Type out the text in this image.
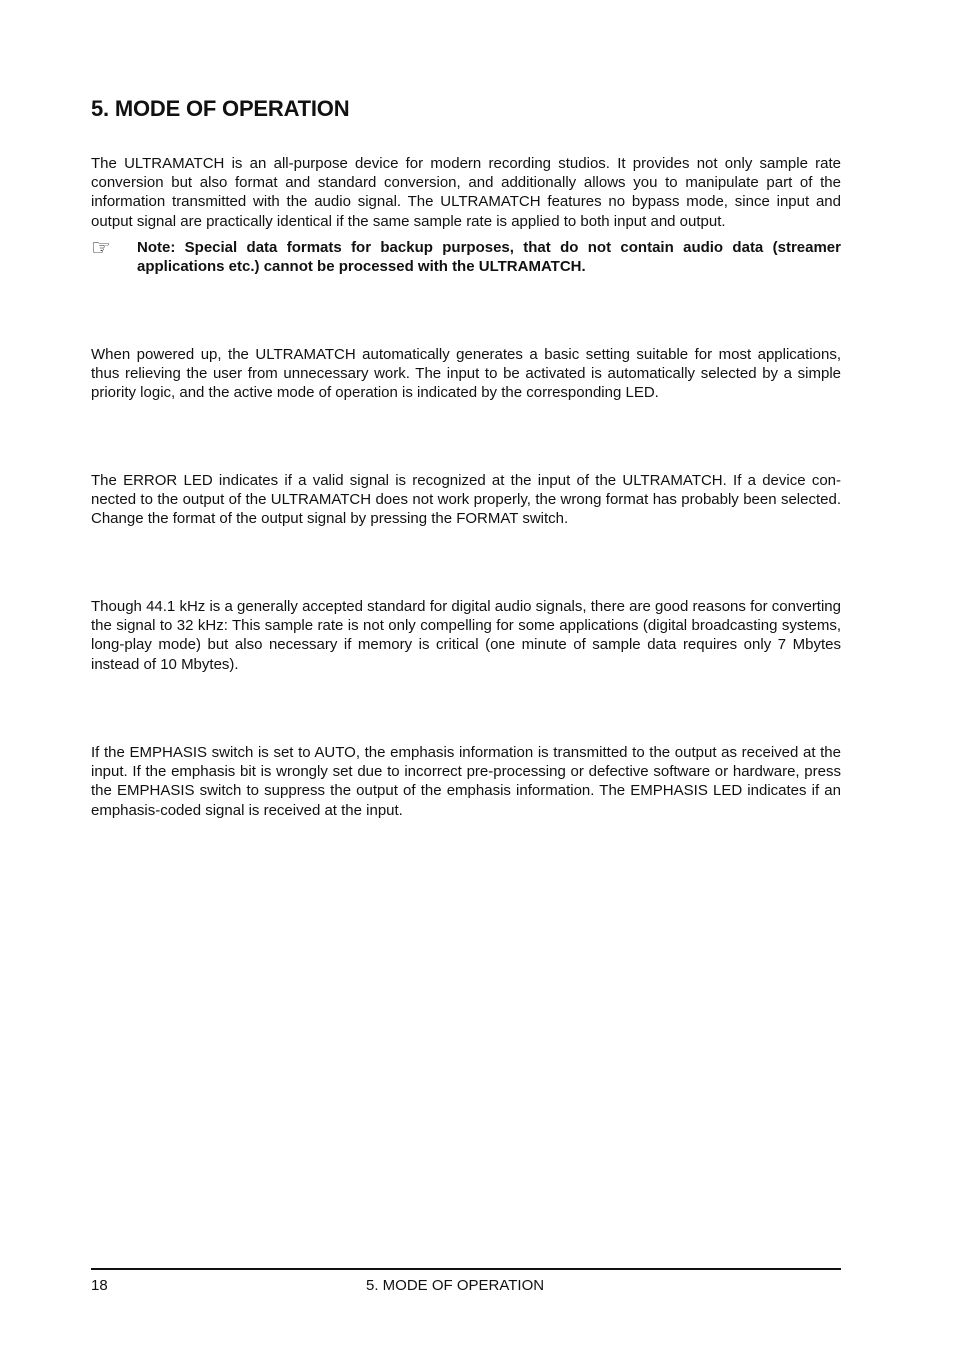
5. MODE OF OPERATION

The ULTRAMATCH is an all-purpose device for modern recording studios. It provides not only sample rate conversion but also format and standard conversion, and additionally allows you to manipulate part of the information transmitted with the audio signal. The ULTRAMATCH features no bypass mode, since input and output signal are practically identical if the same sample rate is applied to both input and output.

☞	Note: Special data formats for backup purposes, that do not contain audio data (streamer applications etc.) cannot be processed with the ULTRAMATCH.

When powered up, the ULTRAMATCH automatically generates a basic setting suitable for most applications, thus relieving the user from unnecessary work. The input to be activated is automatically selected by a simple priority logic, and the active mode of operation is indicated by the corresponding LED.

The ERROR LED indicates if a valid signal is recognized at the input of the ULTRAMATCH. If a device connected to the output of the ULTRAMATCH does not work properly, the wrong format has probably been selected. Change the format of the output signal by pressing the FORMAT switch.

Though 44.1 kHz is a generally accepted standard for digital audio signals, there are good reasons for converting the signal to 32 kHz: This sample rate is not only compelling for some applications (digital broadcasting systems, long-play mode) but also necessary if memory is critical (one minute of sample data requires only 7 Mbytes instead of 10 Mbytes).

If the EMPHASIS switch is set to AUTO, the emphasis information is transmitted to the output as received at the input. If the emphasis bit is wrongly set due to incorrect pre-processing or defective software or hardware, press the EMPHASIS switch to suppress the output of the emphasis information. The EMPHASIS LED indicates if an emphasis-coded signal is received at the input.

18	5. MODE OF OPERATION
